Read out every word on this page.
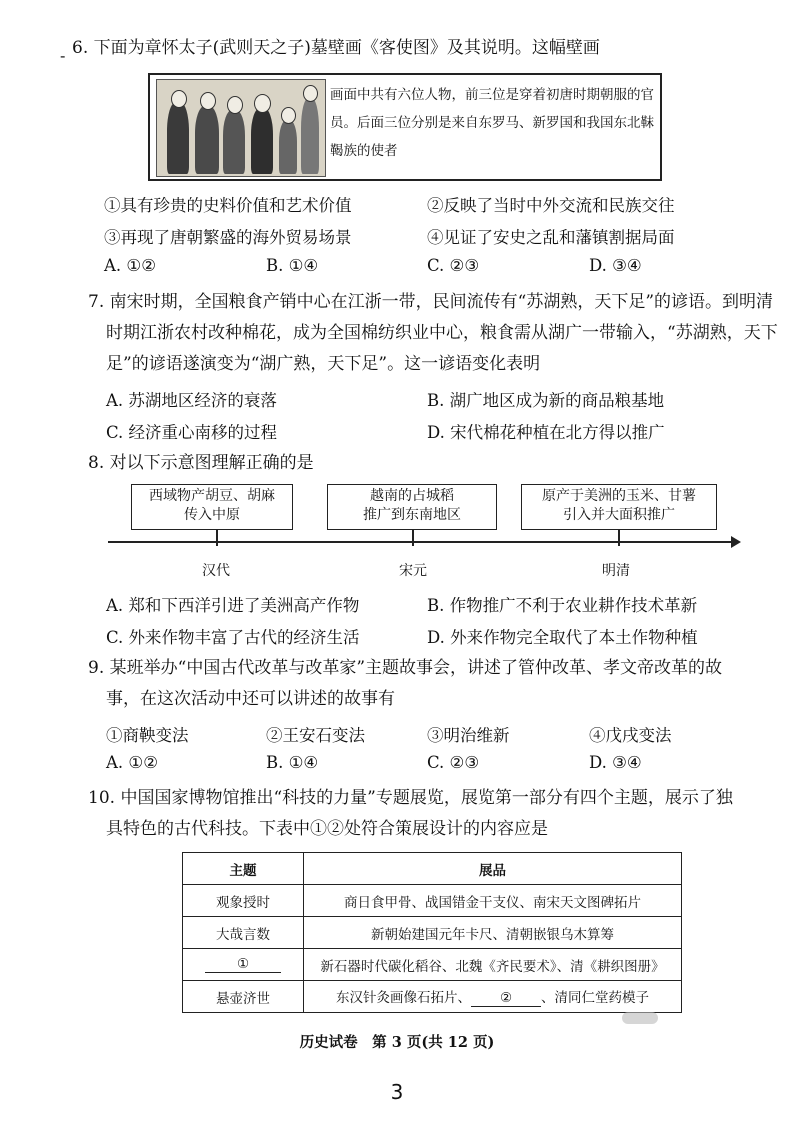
- 6. 下面为章怀太子(武则天之子)墓壁画《客使图》及其说明。这幅壁画
画面中共有六位人物，前三位是穿着初唐时期朝服的官员。后面三位分别是来自东罗马、新罗国和我国东北靺鞨族的使者
①具有珍贵的史料价值和艺术价值	②反映了当时中外交流和民族交往
③再现了唐朝繁盛的海外贸易场景	④见证了安史之乱和藩镇割据局面
A. ①②	B. ①④	C. ②③	D. ③④
7. 南宋时期，全国粮食产销中心在江浙一带，民间流传有“苏湖熟，天下足”的谚语。到明清
时期江浙农村改种棉花，成为全国棉纺织业中心，粮食需从湖广一带输入，“苏湖熟，天下
足”的谚语遂演变为“湖广熟，天下足”。这一谚语变化表明
A. 苏湖地区经济的衰落	B. 湖广地区成为新的商品粮基地
C. 经济重心南移的过程	D. 宋代棉花种植在北方得以推广
8. 对以下示意图理解正确的是
西域物产胡豆、胡麻
传入中原
越南的占城稻
推广到东南地区
原产于美洲的玉米、甘薯
引入并大面积推广
汉代	宋元	明清
A. 郑和下西洋引进了美洲高产作物	B. 作物推广不利于农业耕作技术革新
C. 外来作物丰富了古代的经济生活	D. 外来作物完全取代了本土作物种植
9. 某班举办“中国古代改革与改革家”主题故事会，讲述了管仲改革、孝文帝改革的故
事，在这次活动中还可以讲述的故事有
①商鞅变法	②王安石变法	③明治维新	④戊戌变法
A. ①②	B. ①④	C. ②③	D. ③④
10. 中国国家博物馆推出“科技的力量”专题展览，展览第一部分有四个主题，展示了独
具特色的古代科技。下表中①②处符合策展设计的内容应是
主题	展品
观象授时	商日食甲骨、战国错金干支仪、南宋天文图碑拓片
大哉言数	新朝始建国元年卡尺、清朝嵌银乌木算筹
①	新石器时代碳化稻谷、北魏《齐民要术》、清《耕织图册》
悬壶济世	东汉针灸画像石拓片、 ② 、清同仁堂药模子
历史试卷　第 3 页(共 12 页)
3
